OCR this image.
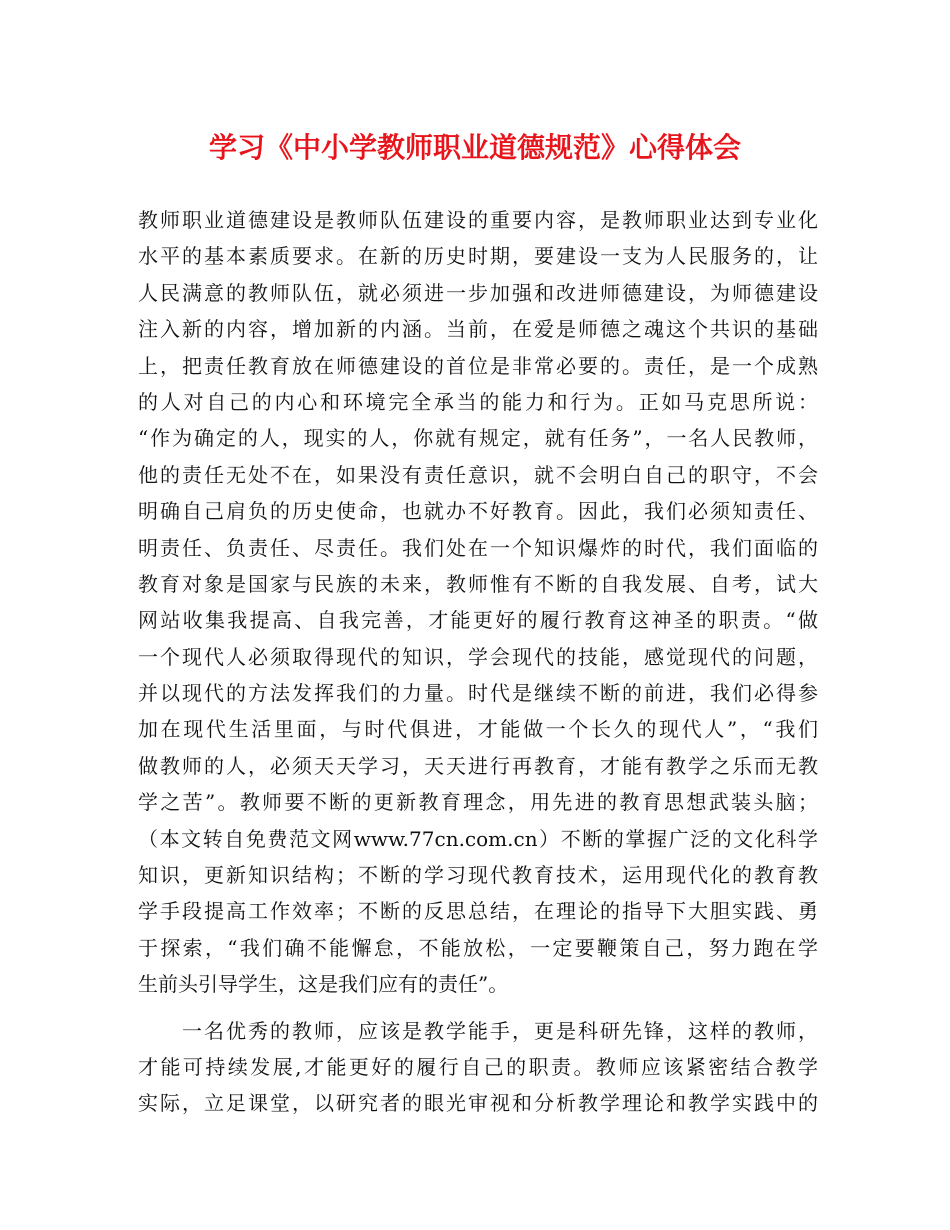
学习《中小学教师职业道德规范》心得体会
教师职业道德建设是教师队伍建设的重要内容，是教师职业达到专业化
水平的基本素质要求。在新的历史时期，要建设一支为人民服务的，让
人民满意的教师队伍，就必须进一步加强和改进师德建设，为师德建设
注入新的内容，增加新的内涵。当前，在爱是师德之魂这个共识的基础
上，把责任教育放在师德建设的首位是非常必要的。责任，是一个成熟
的人对自己的内心和环境完全承当的能力和行为。正如马克思所说：
“作为确定的人，现实的人，你就有规定，就有任务”，一名人民教师，
他的责任无处不在，如果没有责任意识，就不会明白自己的职守，不会
明确自己肩负的历史使命，也就办不好教育。因此，我们必须知责任、
明责任、负责任、尽责任。我们处在一个知识爆炸的时代，我们面临的
教育对象是国家与民族的未来，教师惟有不断的自我发展、自考，试大
网站收集我提高、自我完善，才能更好的履行教育这神圣的职责。“做
一个现代人必须取得现代的知识，学会现代的技能，感觉现代的问题，
并以现代的方法发挥我们的力量。时代是继续不断的前进，我们必得参
加在现代生活里面，与时代俱进，才能做一个长久的现代人”，“我们
做教师的人，必须天天学习，天天进行再教育，才能有教学之乐而无教
学之苦”。教师要不断的更新教育理念，用先进的教育思想武装头脑；
（本文转自免费范文网www.77cn.com.cn）不断的掌握广泛的文化科学
知识，更新知识结构；不断的学习现代教育技术，运用现代化的教育教
学手段提高工作效率；不断的反思总结，在理论的指导下大胆实践、勇
于探索，“我们确不能懈怠，不能放松，一定要鞭策自己，努力跑在学
生前头引导学生，这是我们应有的责任”。
　　一名优秀的教师，应该是教学能手，更是科研先锋，这样的教师，
才能可持续发展,才能更好的履行自己的职责。教师应该紧密结合教学
实际，立足课堂，以研究者的眼光审视和分析教学理论和教学实践中的
